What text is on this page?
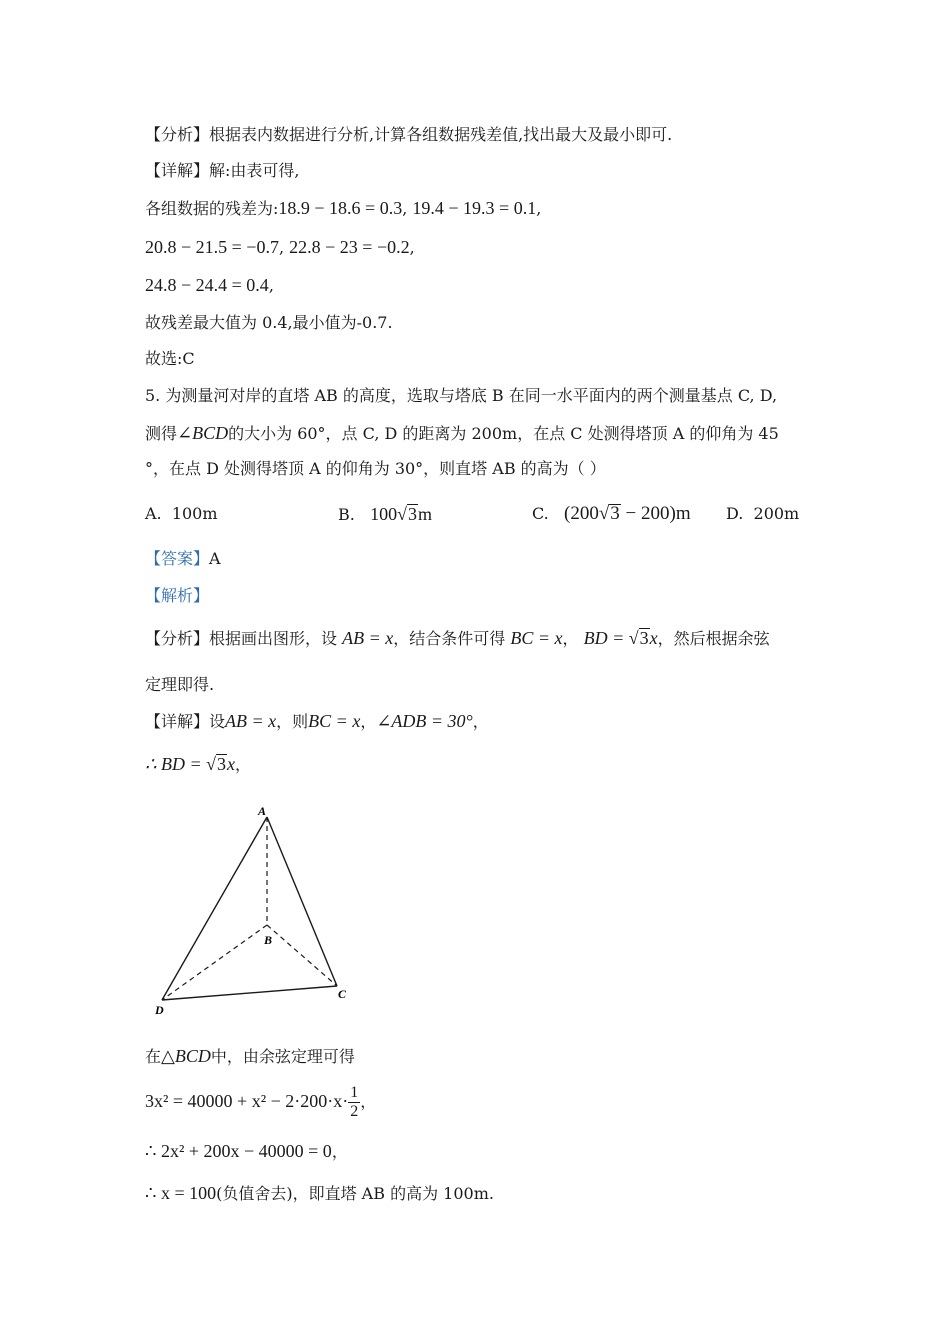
【分析】根据表内数据进行分析,计算各组数据残差值,找出最大及最小即可.
【详解】解:由表可得,
各组数据的残差为:18.9 − 18.6 = 0.3, 19.4 − 19.3 = 0.1,
20.8 − 21.5 = −0.7, 22.8 − 23 = −0.2,
24.8 − 24.4 = 0.4,
故残差最大值为 0.4,最小值为-0.7.
故选:C
5. 为测量河对岸的直塔 AB 的高度，选取与塔底 B 在同一水平面内的两个测量基点 C, D,
测得∠BCD的大小为 60°，点 C, D 的距离为 200m，在点 C 处测得塔顶 A 的仰角为 45
°，在点 D 处测得塔顶 A 的仰角为 30°，则直塔 AB 的高为（ ）
A. 100m	B. 100√3m	C. (200√3 − 200)m D. 200m
【答案】A
【解析】
【分析】根据画出图形，设 AB = x，结合条件可得 BC = x， BD = √3x，然后根据余弦
定理即得.
【详解】设AB = x，则BC = x，∠ADB = 30°，
∴ BD = √3x，
A
B
C
D
在△BCD中，由余弦定理可得
$3x^2 = 40000 + x^2 - 2\cdot 200\cdot x\cdot \frac{1}{2}$ ，
∴ 2x² + 200x − 40000 = 0，
∴ x = 100(负值舍去)，即直塔 AB 的高为 100m.
